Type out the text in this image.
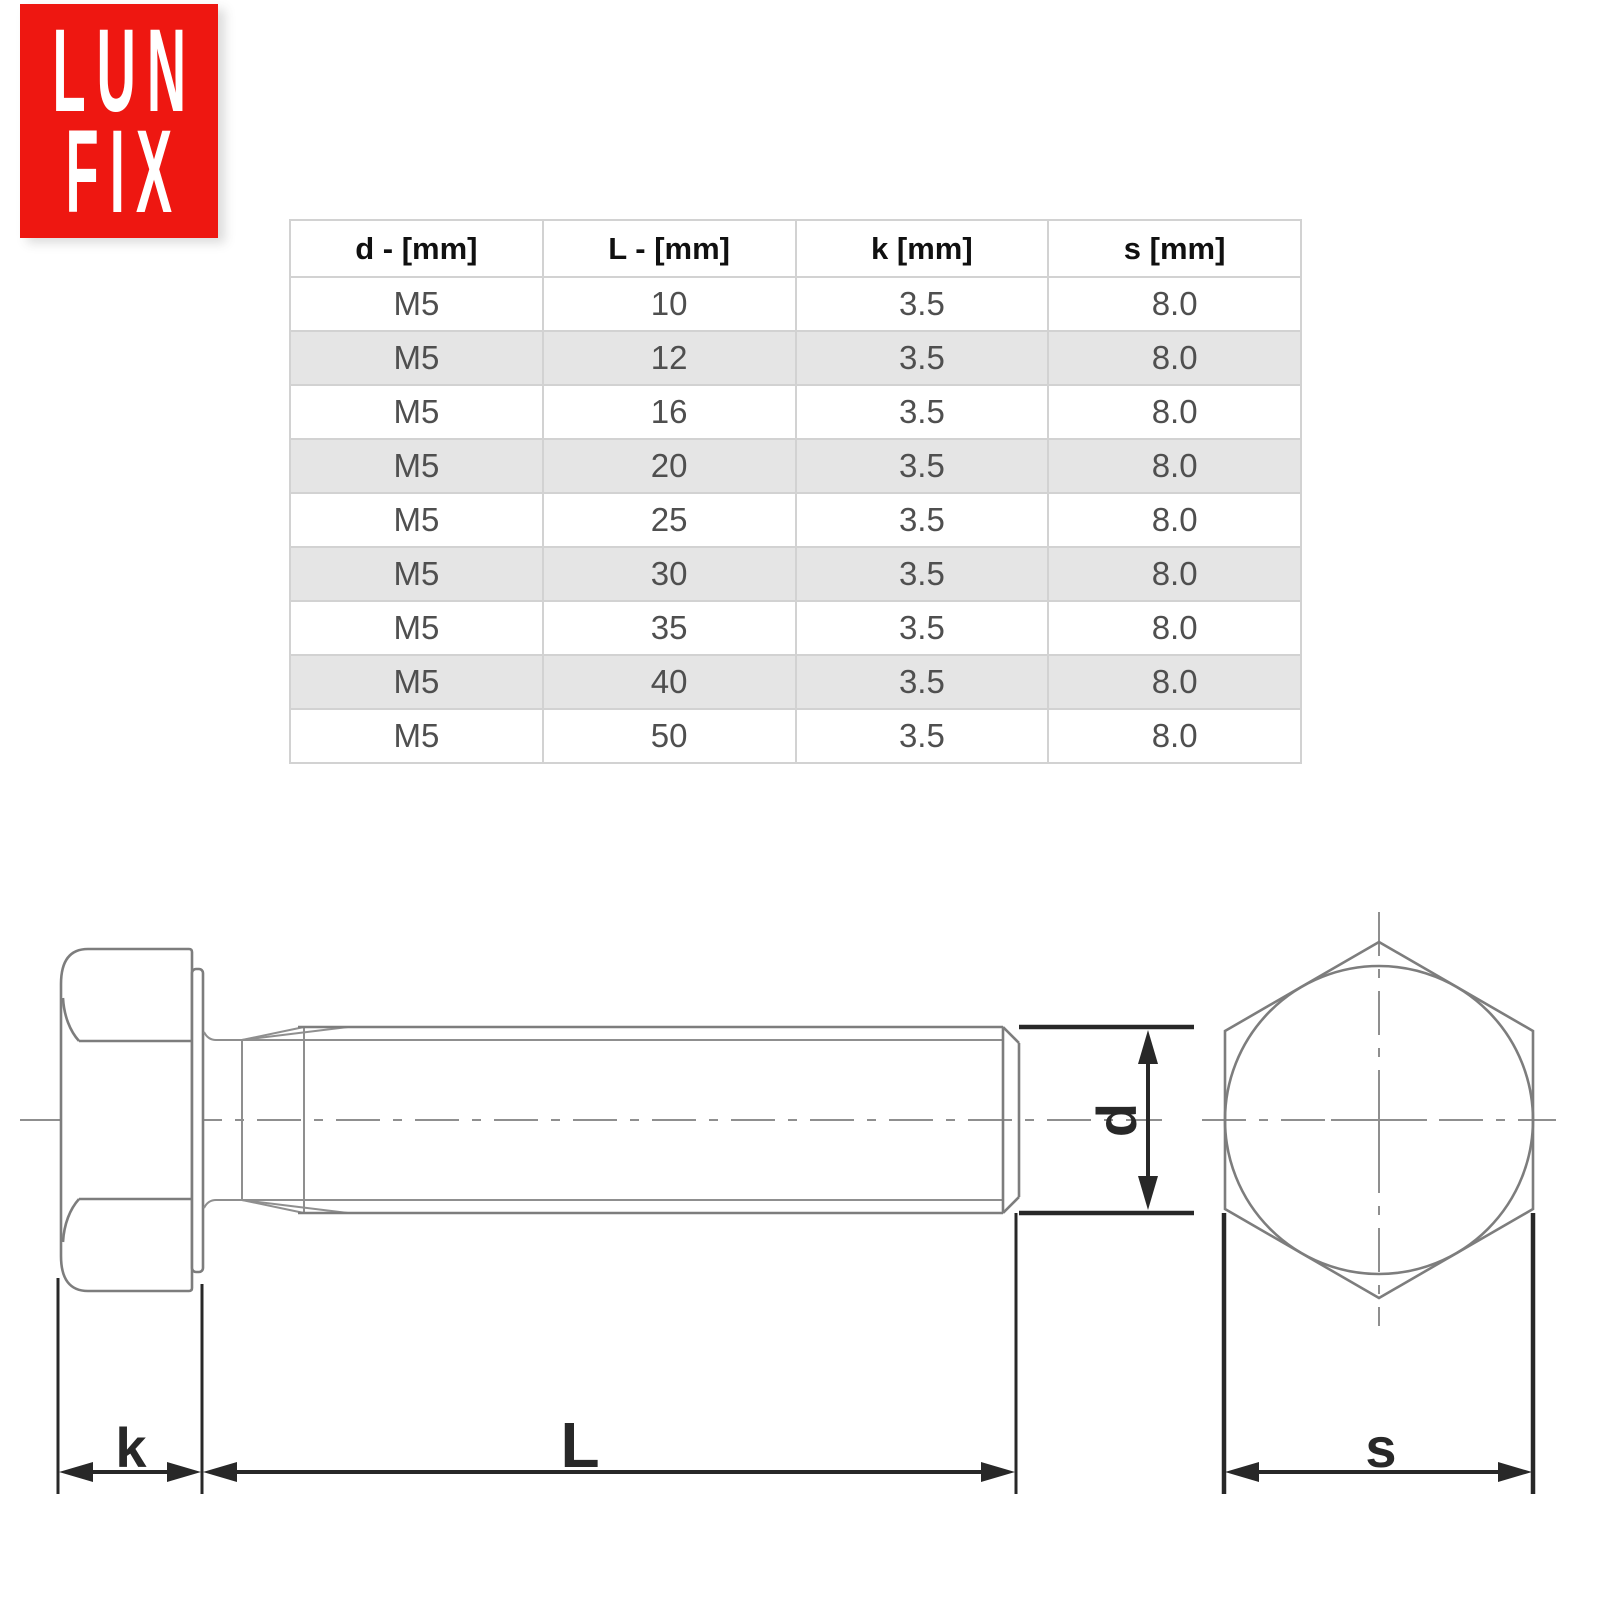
LUN
FIX
d - [mm]	L - [mm]	k [mm]	s [mm]
M5	10	3.5	8.0
M5	12	3.5	8.0
M5	16	3.5	8.0
M5	20	3.5	8.0
M5	25	3.5	8.0
M5	30	3.5	8.0
M5	35	3.5	8.0
M5	40	3.5	8.0
M5	50	3.5	8.0
k	L
d
s
